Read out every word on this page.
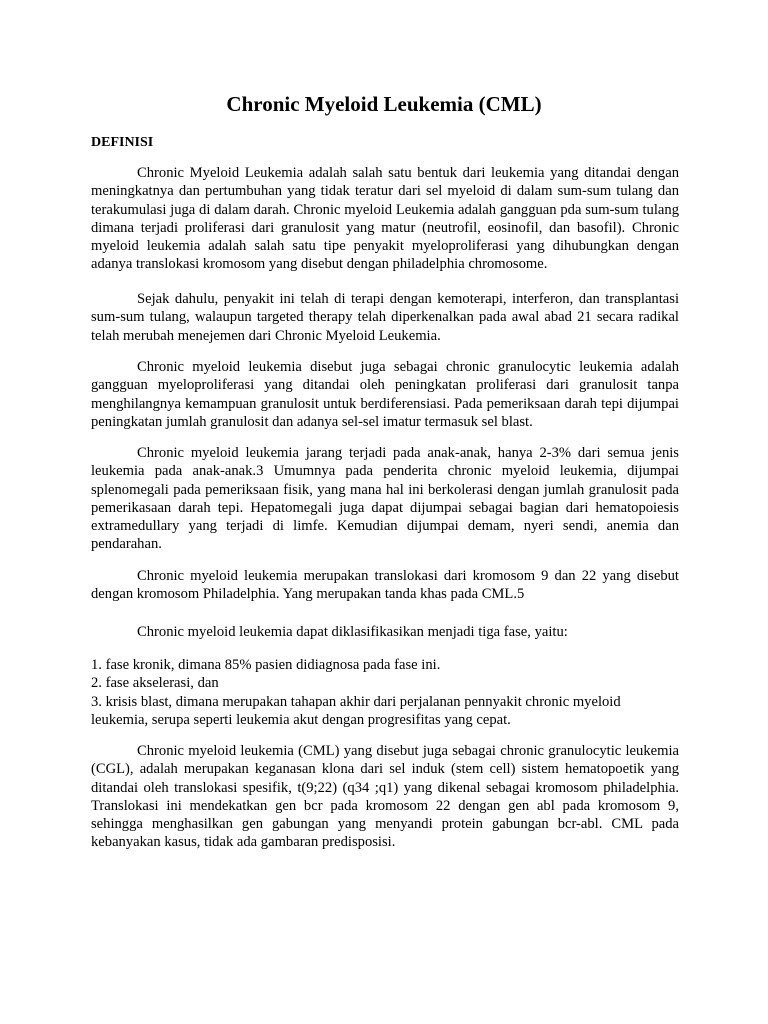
Chronic Myeloid Leukemia (CML)
DEFINISI

Chronic Myeloid Leukemia adalah salah satu bentuk dari leukemia yang ditandai dengan meningkatnya dan pertumbuhan yang tidak teratur dari sel myeloid di dalam sum-sum tulang dan terakumulasi juga di dalam darah. Chronic myeloid Leukemia adalah gangguan pda sum-sum tulang dimana terjadi proliferasi dari granulosit yang matur (neutrofil, eosinofil, dan basofil). Chronic myeloid leukemia adalah salah satu tipe penyakit myeloproliferasi yang dihubungkan dengan adanya translokasi kromosom yang disebut dengan philadelphia chromosome.

Sejak dahulu, penyakit ini telah di terapi dengan kemoterapi, interferon, dan transplantasi sum-sum tulang, walaupun targeted therapy telah diperkenalkan pada awal abad 21 secara radikal telah merubah menejemen dari Chronic Myeloid Leukemia.

Chronic myeloid leukemia disebut juga sebagai chronic granulocytic leukemia adalah gangguan myeloproliferasi yang ditandai oleh peningkatan proliferasi dari granulosit tanpa menghilangnya kemampuan granulosit untuk berdiferensiasi. Pada pemeriksaan darah tepi dijumpai peningkatan jumlah granulosit dan adanya sel-sel imatur termasuk sel blast.

Chronic myeloid leukemia jarang terjadi pada anak-anak, hanya 2-3% dari semua jenis leukemia pada anak-anak.3 Umumnya pada penderita chronic myeloid leukemia, dijumpai splenomegali pada pemeriksaan fisik, yang mana hal ini berkolerasi dengan jumlah granulosit pada pemerikasaan darah tepi. Hepatomegali juga dapat dijumpai sebagai bagian dari hematopoiesis extramedullary yang terjadi di limfe. Kemudian dijumpai demam, nyeri sendi, anemia dan pendarahan.

Chronic myeloid leukemia merupakan translokasi dari kromosom 9 dan 22 yang disebut dengan kromosom Philadelphia. Yang merupakan tanda khas pada CML.5

Chronic myeloid leukemia dapat diklasifikasikan menjadi tiga fase, yaitu:

1. fase kronik, dimana 85% pasien didiagnosa pada fase ini.

2. fase akselerasi, dan

3. krisis blast, dimana merupakan tahapan akhir dari perjalanan pennyakit chronic myeloid leukemia, serupa seperti leukemia akut dengan progresifitas yang cepat.

Chronic myeloid leukemia (CML) yang disebut juga sebagai chronic granulocytic leukemia (CGL), adalah merupakan keganasan klona dari sel induk (stem cell) sistem hematopoetik yang ditandai oleh translokasi spesifik, t(9;22) (q34 ;q1) yang dikenal sebagai kromosom philadelphia. Translokasi ini mendekatkan gen bcr pada kromosom 22 dengan gen abl pada kromosom 9, sehingga menghasilkan gen gabungan yang menyandi protein gabungan bcr-abl. CML pada kebanyakan kasus, tidak ada gambaran predisposisi.
